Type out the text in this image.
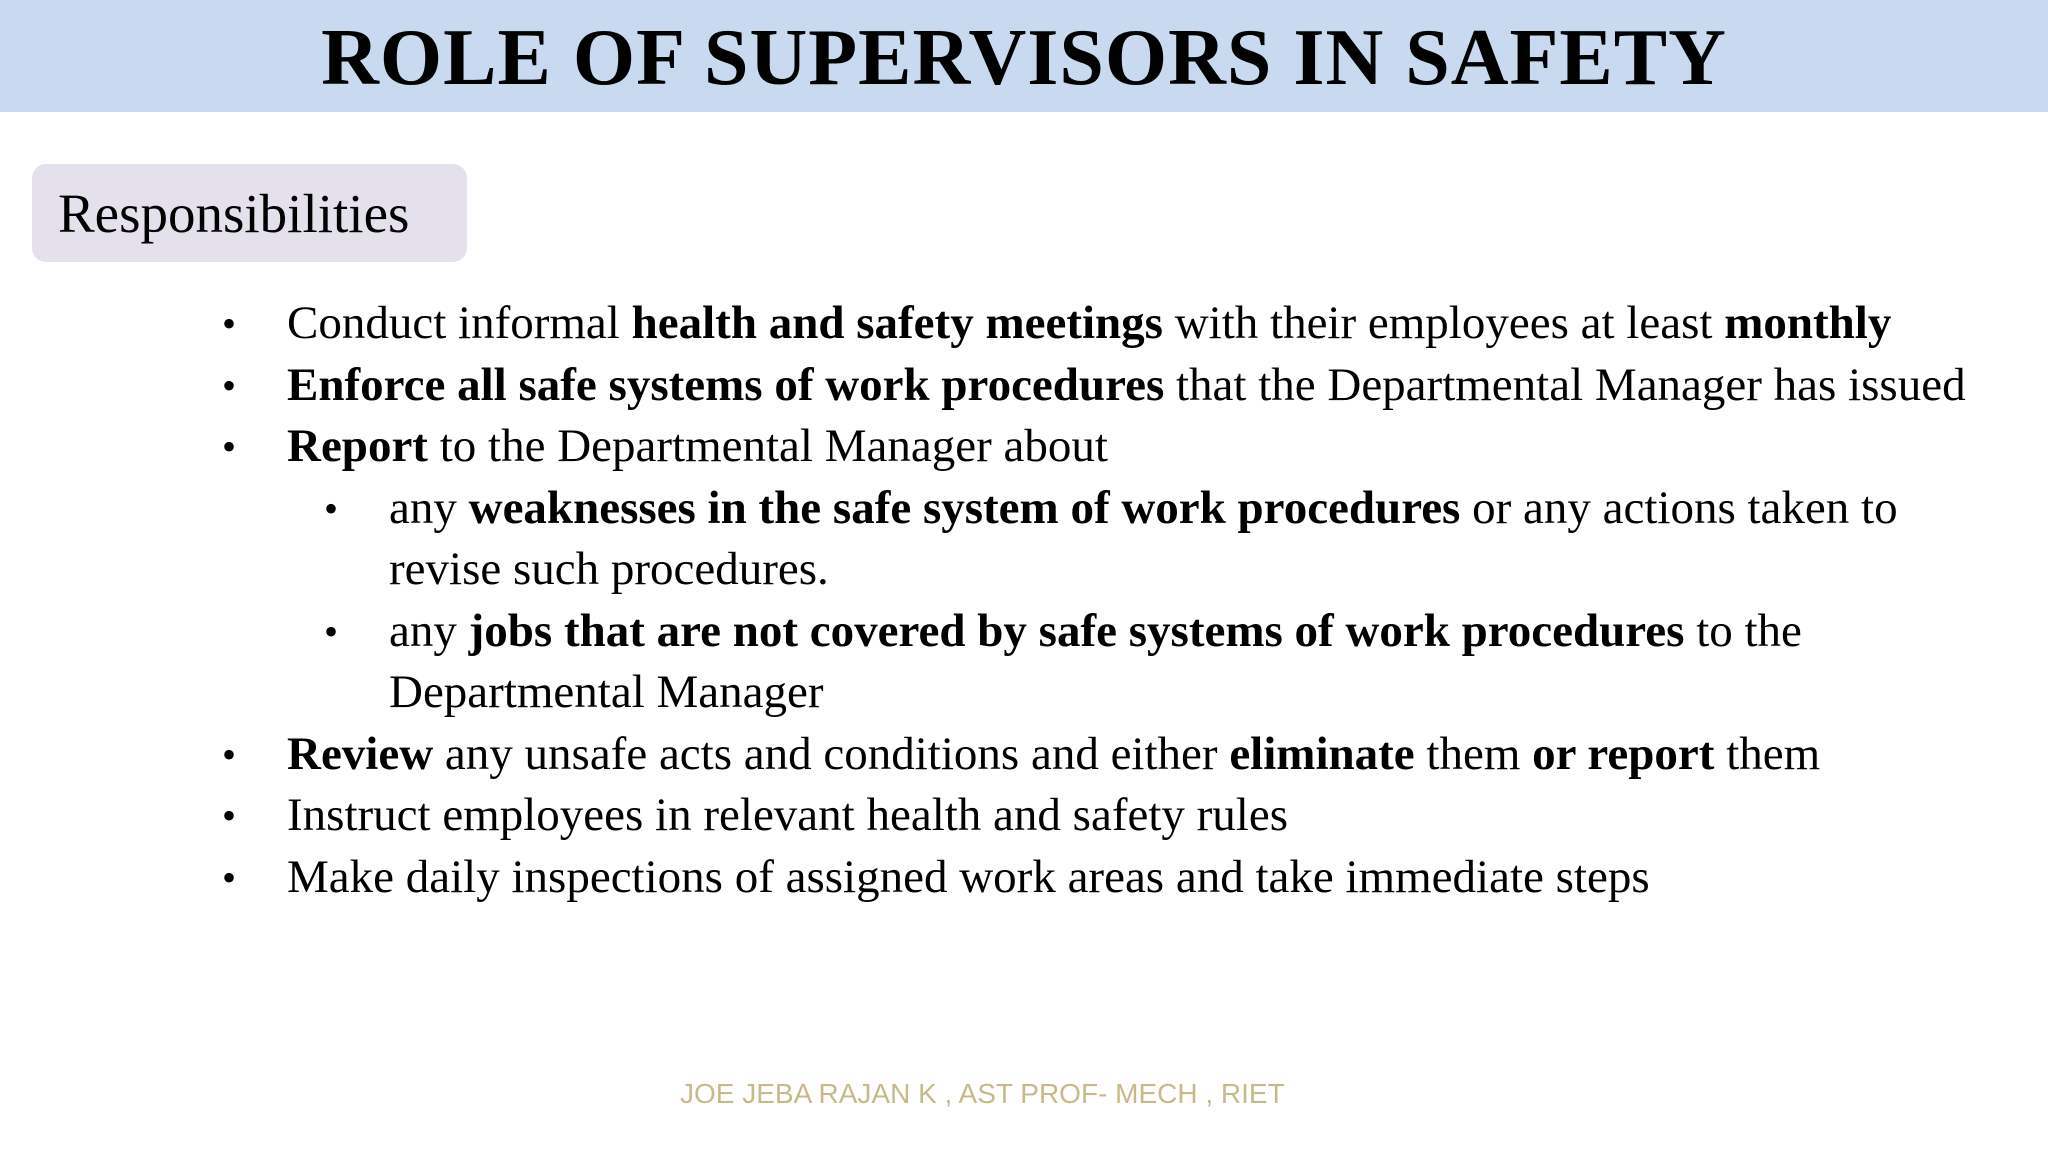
ROLE OF SUPERVISORS IN SAFETY
Responsibilities
• Conduct informal health and safety meetings with their employees at least monthly
• Enforce all safe systems of work procedures that the Departmental Manager has issued
• Report to the Departmental Manager about
• any weaknesses in the safe system of work procedures or any actions taken to revise such procedures.
• any jobs that are not covered by safe systems of work procedures to the Departmental Manager
• Review any unsafe acts and conditions and either eliminate them or report them
• Instruct employees in relevant health and safety rules
• Make daily inspections of assigned work areas and take immediate steps
JOE JEBA RAJAN K , AST PROF- MECH , RIET
